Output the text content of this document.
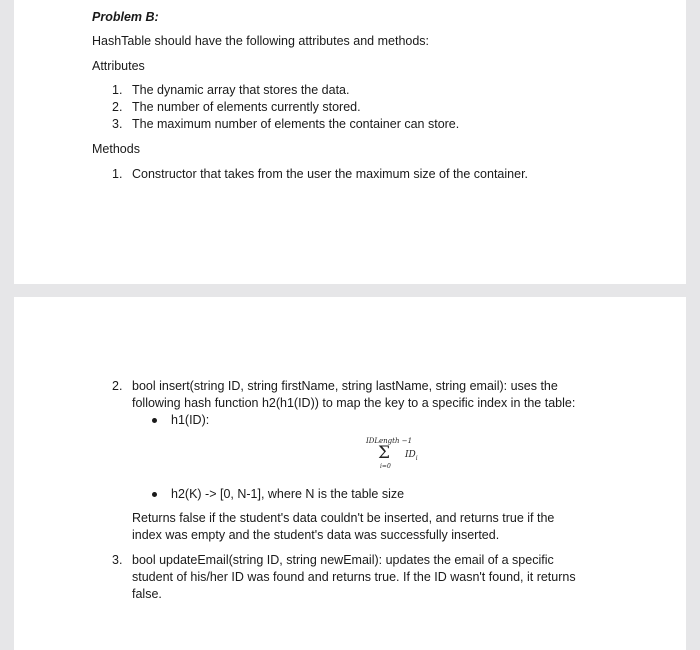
Problem B:
HashTable should have the following attributes and methods:
Attributes
1. The dynamic array that stores the data.
2. The number of elements currently stored.
3. The maximum number of elements the container can store.
Methods
1. Constructor that takes from the user the maximum size of the container.
2. bool insert(string ID, string firstName, string lastName, string email): uses the
following hash function h2(h1(ID)) to map the key to a specific index in the table:
h1(ID):
IDLength −1
Σ
i=0
$ID_i$
h2(K) -> [0, N-1], where N is the table size
Returns false if the student's data couldn't be inserted, and returns true if the
index was empty and the student's data was successfully inserted.
3. bool updateEmail(string ID, string newEmail): updates the email of a specific
student of his/her ID was found and returns true. If the ID wasn't found, it returns
false.
